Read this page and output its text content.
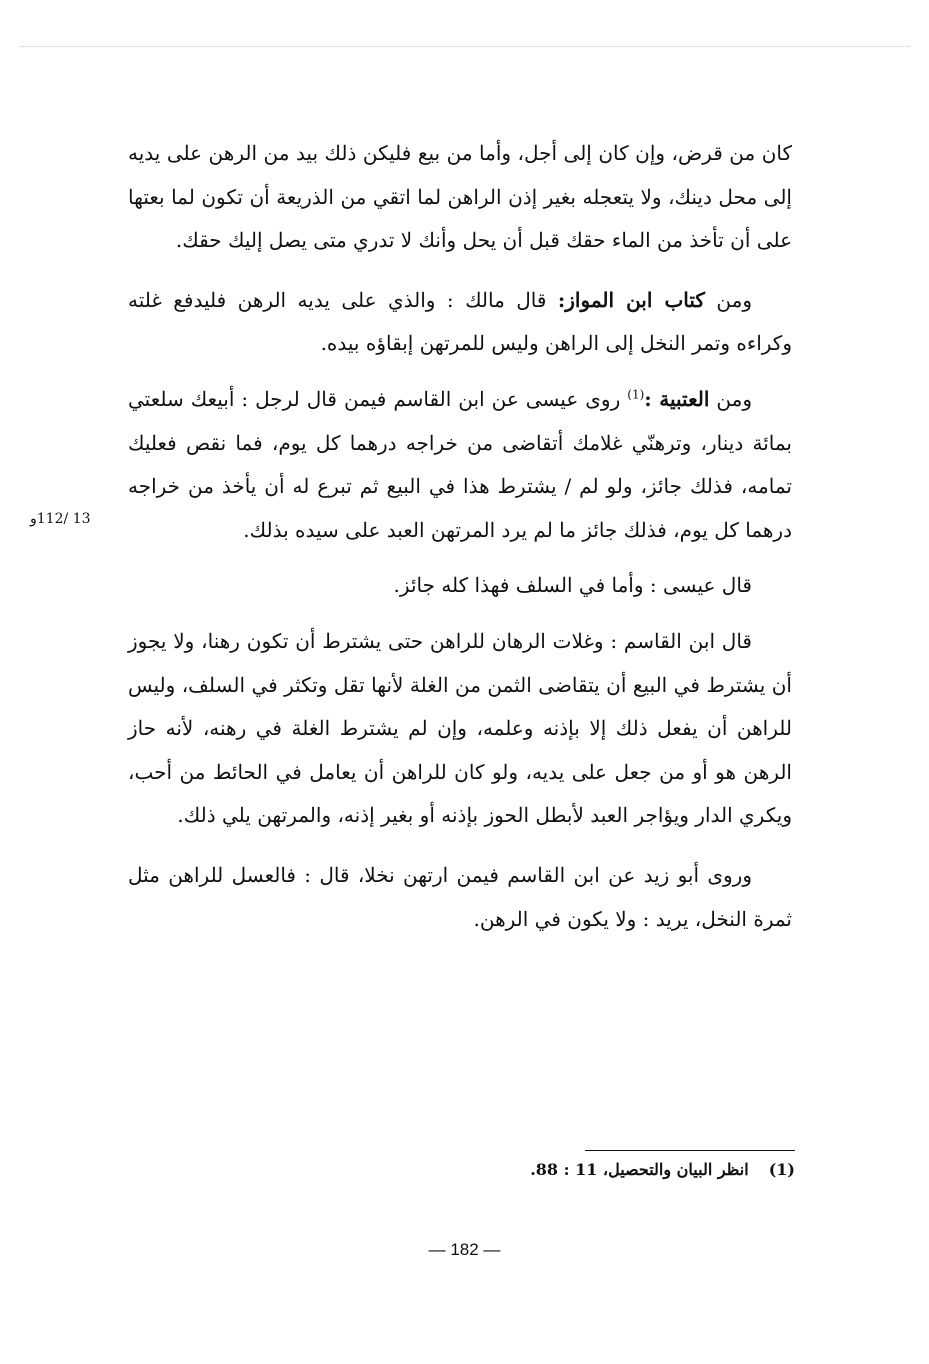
كان من قرض، وإن كان إلى أجل، وأما من بيع فليكن ذلك بيد من الرهن على يديه إلى محل دينك، ولا يتعجله بغير إذن الراهن لما اتقي من الذريعة أن تكون لما بعتها على أن تأخذ من الماء حقك قبل أن يحل وأنك لا تدري متى يصل إليك حقك.

ومن كتاب ابن المواز: قال مالك : والذي على يديه الرهن فليدفع غلته وكراءه وتمر النخل إلى الراهن وليس للمرتهن إبقاؤه بيده.

ومن العتبية :$^{(1)}$ روى عيسى عن ابن القاسم فيمن قال لرجل : أبيعك سلعتي بمائة دينار، وترهنّي غلامك أتقاضى من خراجه درهما كل يوم، فما نقص فعليك تمامه، فذلك جائز، ولو لم / يشترط هذا في البيع ثم تبرع له أن يأخذ من خراجه درهما كل يوم، فذلك جائز ما لم يرد المرتهن العبد على سيده بذلك.

قال عيسى : وأما في السلف فهذا كله جائز.

قال ابن القاسم : وغلات الرهان للراهن حتى يشترط أن تكون رهنا، ولا يجوز أن يشترط في البيع أن يتقاضى الثمن من الغلة لأنها تقل وتكثر في السلف، وليس للراهن أن يفعل ذلك إلا بإذنه وعلمه، وإن لم يشترط الغلة في رهنه، لأنه حاز الرهن هو أو من جعل على يديه، ولو كان للراهن أن يعامل في الحائط من أحب، ويكري الدار ويؤاجر العبد لأبطل الحوز بإذنه أو بغير إذنه، والمرتهن يلي ذلك.

وروى أبو زيد عن ابن القاسم فيمن ارتهن نخلا، قال : فالعسل للراهن مثل ثمرة النخل، يريد : ولا يكون في الرهن.

13 /112و
(1)انظر البيان والتحصيل، 11 : 88.
— 182 —
